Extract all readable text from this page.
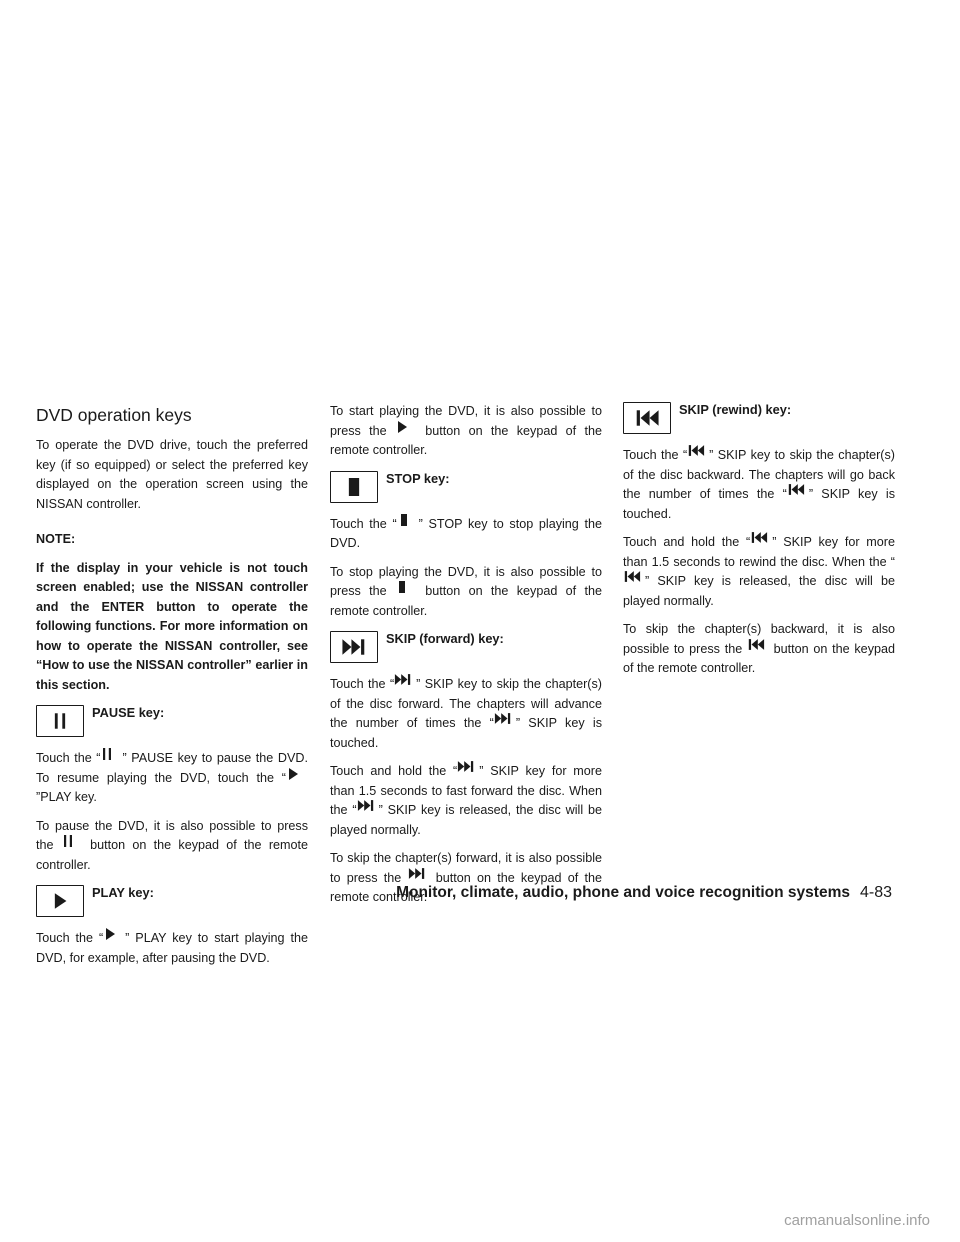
DVD operation keys

To operate the DVD drive, touch the preferred key (if so equipped) or select the preferred key displayed on the operation screen using the NISSAN controller.

NOTE:

If the display in your vehicle is not touch screen enabled; use the NISSAN controller and the ENTER button to operate the following functions. For more information on how to operate the NISSAN controller, see “How to use the NISSAN controller” earlier in this section.

PAUSE key:

Touch the “ ” PAUSE key to pause the DVD. To resume playing the DVD, touch the “
”PLAY key.

To pause the DVD, it is also possible to press the	button on the keypad of the remote controller.

PLAY key:

Touch the “ ” PLAY key to start playing the DVD, for example, after pausing the DVD.

To start playing the DVD, it is also possible to press the	button on the keypad of the remote controller.

STOP key:

Touch the “ ” STOP key to stop playing the DVD.

To stop playing the DVD, it is also possible to press the	button on the keypad of the remote controller.

SKIP (forward) key:

Touch the “ ” SKIP key to skip the chapter(s) of the disc forward. The chapters will advance the number of times the “ ” SKIP key is touched.

Touch and hold the “ ” SKIP key for more than 1.5 seconds to fast forward the disc. When the “ ” SKIP key is released, the disc will be played normally.

To skip the chapter(s) forward, it is also possible to press the	button on the keypad of the remote controller.

SKIP (rewind) key:

Touch the “ ” SKIP key to skip the chapter(s) of the disc backward. The chapters will go back the number of times the “ ” SKIP key is touched.

Touch and hold the “ ” SKIP key for more than 1.5 seconds to rewind the disc. When the “
” SKIP key is released, the disc will be played normally.

To skip the chapter(s) backward, it is also possible to press the button on the keypad of the remote controller.

Monitor, climate, audio, phone and voice recognition systems 4-83
carmanualsonline.info
